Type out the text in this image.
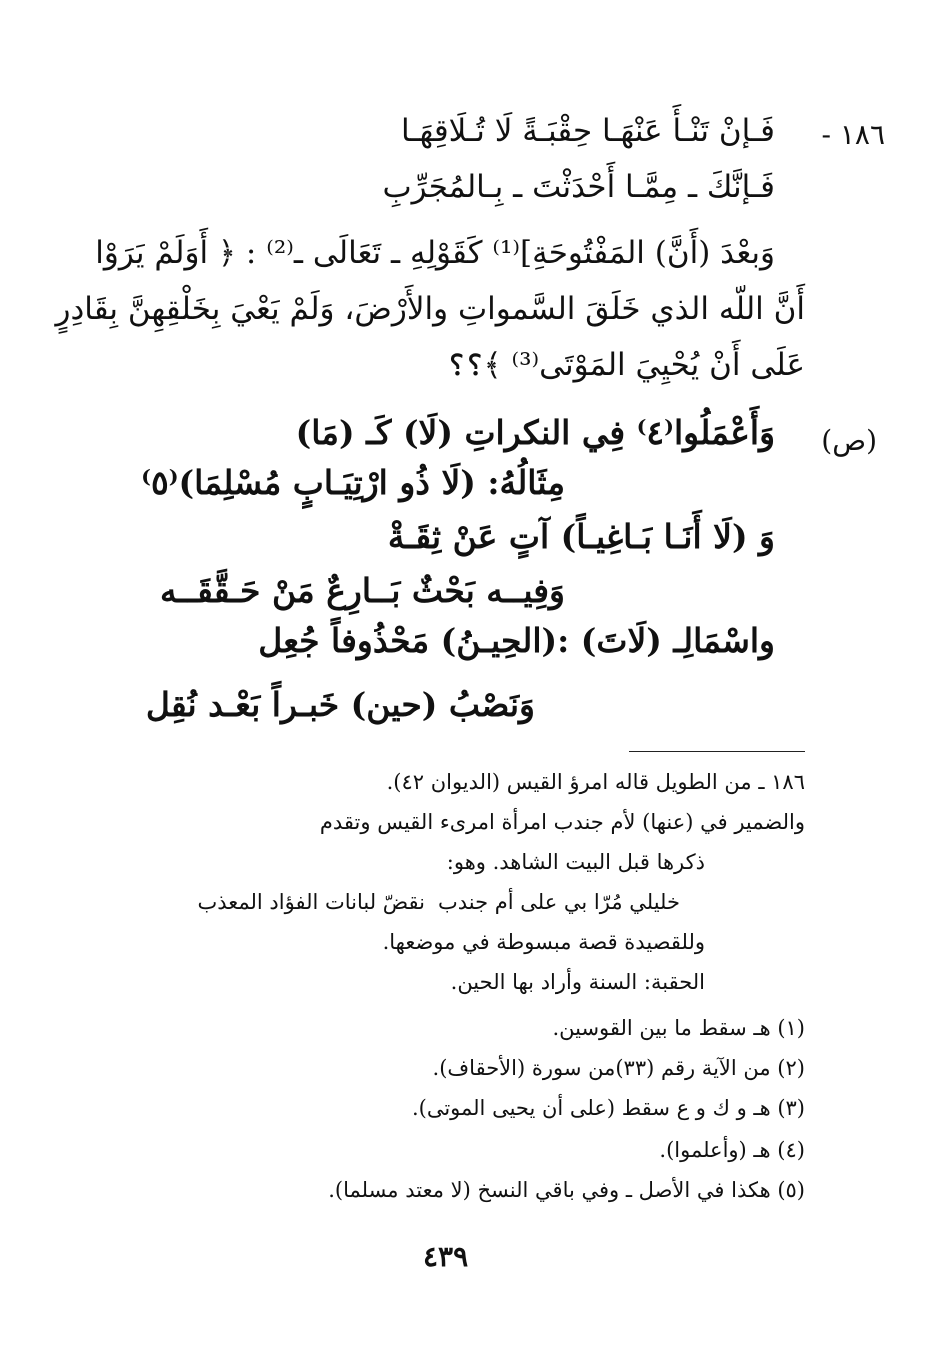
١٨٦ -
فَـإنْ تَنْـأَ عَنْهَـا حِقْبَـةً لَا تُـلَاقِهَـا
فَـإنَّكَ ـ مِمَّـا أَحْدَثْتَ ـ بِـالمُجَرِّبِ
وَبعْدَ (أَنَّ) المَفْتُوحَةِ]⁽¹⁾ كَقَوْلِهِ ـ تَعَالَى ـ⁽²⁾ : ﴿ أَوَلَمْ يَرَوْا
أَنَّ اللّه الذي خَلَقَ السَّمواتِ والأَرْضَ، وَلَمْ يَعْيَ بِخَلْقِهِنَّ بِقَادِرٍ
عَلَى أَنْ يُحْيِيَ المَوْتَى⁽³⁾ ﴾؟؟
(ص)
وَأَعْمَلُوا⁽٤⁾ فِي النكراتِ (لَا) كَـ (مَا)
مِثَالُهُ: (لَا ذُو ارْتِيَـابٍ مُسْلِمَا)⁽٥⁾
وَ (لَا أَنَـا بَـاغِيـاً) آتٍ عَنْ ثِقَـةْ
وَفِيــه بَحْثٌ بَــارِعٌ مَنْ حَـقَّقَــه
واسْمَالِـ (لَاتَ) :(الحِيـنُ) مَحْذُوفاً جُعِل
وَنَصْبُ (حين) خَبـراً بَعْـد نُقِل
١٨٦ ـ من الطويل قاله امرؤ القيس (الديوان ٤٢).
والضمير في (عنها) لأم جندب امرأة امرىء القيس وتقدم
ذكرها قبل البيت الشاهد. وهو:
خليلي مُرّا بي على أم جندب
نقضّ لبانات الفؤاد المعذب
وللقصيدة قصة مبسوطة في موضعها.
الحقبة: السنة وأراد بها الحين.
(١) هـ سقط ما بين القوسين.
(٢) من الآية رقم (٣٣)من سورة (الأحقاف).
(٣) هـ و ك و ع سقط (على أن يحيى الموتى).
(٤) هـ (وأعلموا).
(٥) هكذا في الأصل ـ وفي باقي النسخ (لا معتد مسلما).
٤٣٩
